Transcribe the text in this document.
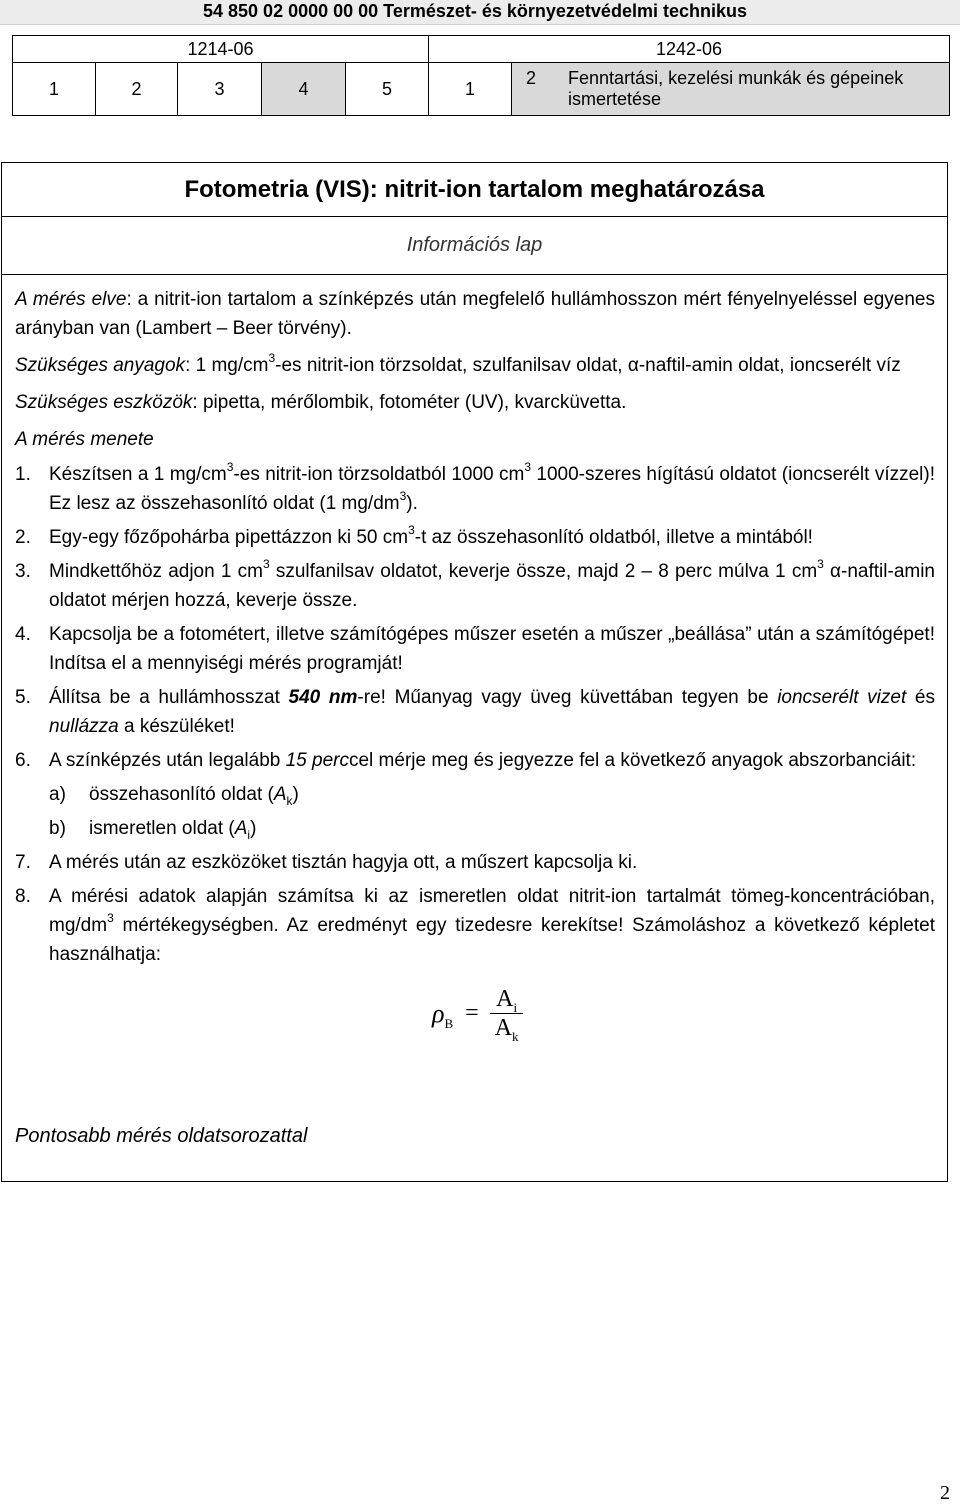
54 850 02 0000 00 00 Természet- és környezetvédelmi technikus
1214-06					1242-06	
1	2	3	4	5	1	2 Fenntartási, kezelési munkák és gépeinek ismertetése
Fotometria (VIS): nitrit-ion tartalom meghatározása
Információs lap

A mérés elve: a nitrit-ion tartalom a színképzés után megfelelő hullámhosszon mért fényelnyeléssel egyenes arányban van (Lambert – Beer törvény).

Szükséges anyagok: 1 $mg/cm^3-es$ nitrit-ion törzsoldat, szulfanilsav oldat, α-naftil-amin oldat, ioncserélt víz

Szükséges eszközök: pipetta, mérőlombik, fotométer (UV), kvarcküvetta.

A mérés menete

1. Készítsen a 1 $mg/cm^3-es$ nitrit-ion törzsoldatból 1000 $cm^3$ 1000-szeres hígítású oldatot (ioncserélt vízzel)! Ez lesz az összehasonlító oldat (1 $mg/dm^3$).
2. Egy-egy főzőpohárba pipettázzon ki 50 $cm^3-t$ az összehasonlító oldatból, illetve a mintából!
3. Mindkettőhöz adjon 1 $cm^3$ szulfanilsav oldatot, keverje össze, majd 2 – 8 perc múlva 1 $cm^3$ α-naftil-amin oldatot mérjen hozzá, keverje össze.
4. Kapcsolja be a fotométert, illetve számítógépes műszer esetén a műszer „beállása” után a számítógépet! Indítsa el a mennyiségi mérés programját!
5. Állítsa be a hullámhosszat 540 nm-re! Műanyag vagy üveg küvettában tegyen be ioncserélt vizet és nullázza a készüléket!
6. A színképzés után legalább 15 perccel mérje meg és jegyezze fel a következő anyagok abszorbanciáit:
a)	összehasonlító oldat $(A_k)$
b)	ismeretlen oldat $(A_i)$
7. A mérés után az eszközöket tisztán hagyja ott, a műszert kapcsolja ki.
8. A mérési adatok alapján számítsa ki az ismeretlen oldat nitrit-ion tartalmát tömeg-koncentrációban, $mg/dm^3$ mértékegységben. Az eredményt egy tizedesre kerekítse! Számoláshoz a következő képletet használhatja:
$\rho_B = \frac{A_i}{A_k}$
Pontosabb mérés oldatsorozattal
2
